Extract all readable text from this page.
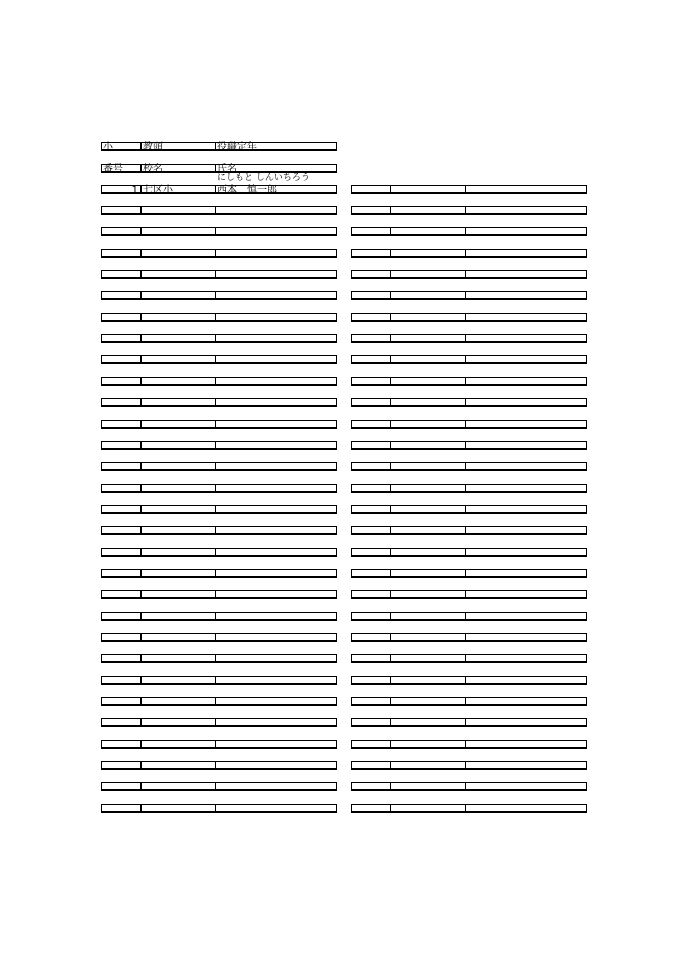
小	教頭	役職定年
番号	校名	氏名
にしもと しんいちろう
1 七区小	西本　慎一郎
